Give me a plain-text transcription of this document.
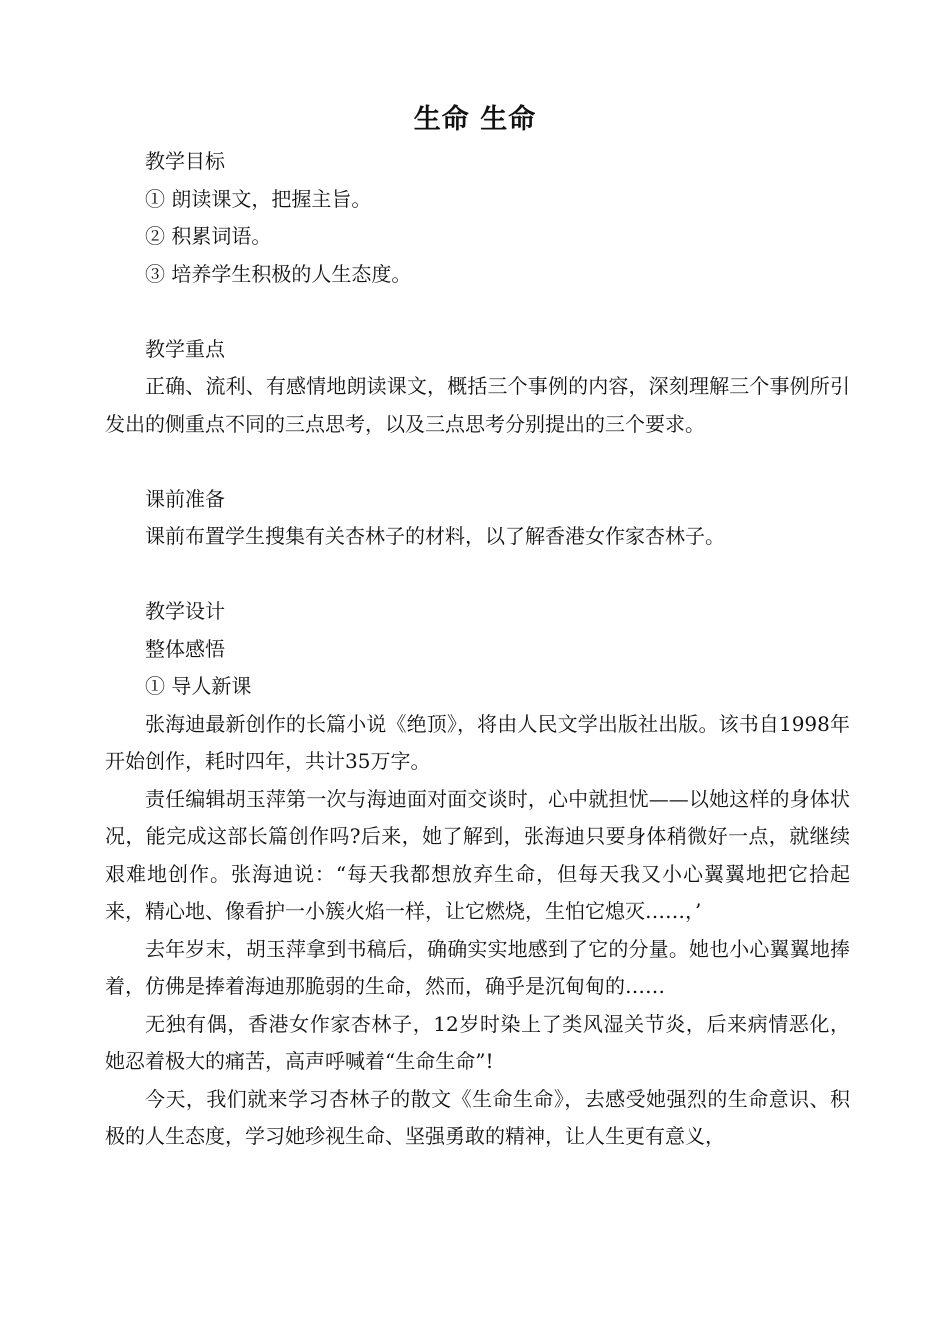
生命 生命

教学目标

① 朗读课文，把握主旨。

② 积累词语。

③ 培养学生积极的人生态度。

教学重点

正确、流利、有感情地朗读课文，概括三个事例的内容，深刻理解三个事例所引发出的侧重点不同的三点思考，以及三点思考分别提出的三个要求。

课前准备

课前布置学生搜集有关杏林子的材料，以了解香港女作家杏林子。

教学设计

整体感悟

① 导人新课

张海迪最新创作的长篇小说《绝顶》，将由人民文学出版社出版。该书自1998年开始创作，耗时四年，共计35万字。

责任编辑胡玉萍第一次与海迪面对面交谈时，心中就担忧——以她这样的身体状况，能完成这部长篇创作吗?后来，她了解到，张海迪只要身体稍微好一点，就继续艰难地创作。张海迪说：“每天我都想放弃生命，但每天我又小心翼翼地把它拾起来，精心地、像看护一小簇火焰一样，让它燃烧，生怕它熄灭……，’

去年岁末，胡玉萍拿到书稿后，确确实实地感到了它的分量。她也小心翼翼地捧着，仿佛是捧着海迪那脆弱的生命，然而，确乎是沉甸甸的……

无独有偶，香港女作家杏林子，12岁时染上了类风湿关节炎，后来病情恶化，她忍着极大的痛苦，高声呼喊着“生命生命”!

今天，我们就来学习杏林子的散文《生命生命》，去感受她强烈的生命意识、积极的人生态度，学习她珍视生命、坚强勇敢的精神，让人生更有意义，
